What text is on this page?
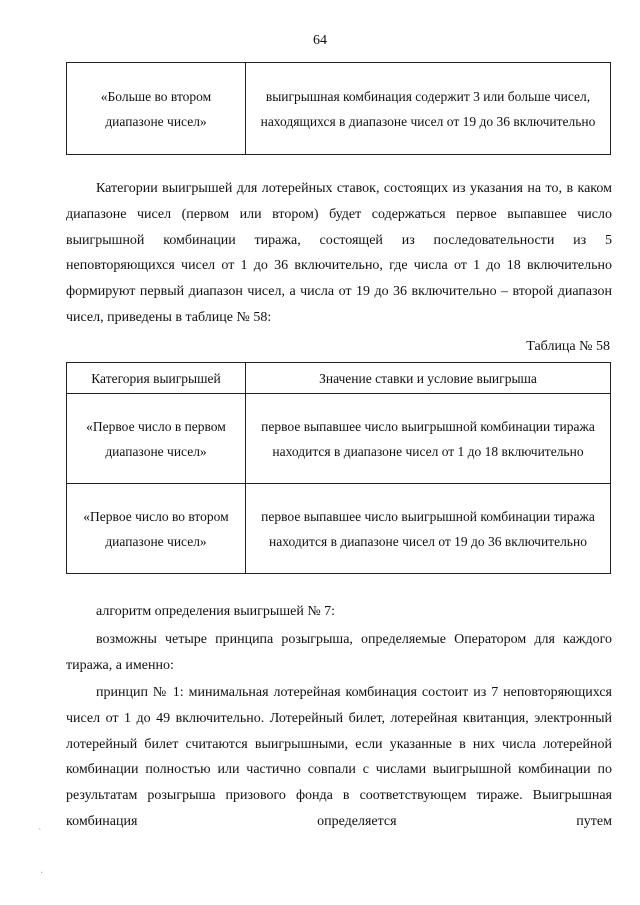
64
«Больше во втором диапазоне чисел»	выигрышная комбинация содержит 3 или больше чисел, находящихся в диапазоне чисел от 19 до 36 включительно

Категории выигрышей для лотерейных ставок, состоящих из указания на то, в каком диапазоне чисел (первом или втором) будет содержаться первое выпавшее число выигрышной комбинации тиража, состоящей из последовательности из 5 неповторяющихся чисел от 1 до 36 включительно, где числа от 1 до 18 включительно формируют первый диапазон чисел, а числа от 19 до 36 включительно – второй диапазон чисел, приведены в таблице № 58:

Таблица № 58
Категория выигрышей	Значение ставки и условие выигрыша
«Первое число в первом диапазоне чисел»	первое выпавшее число выигрышной комбинации тиража находится в диапазоне чисел от 1 до 18 включительно
«Первое число во втором диапазоне чисел»	первое выпавшее число выигрышной комбинации тиража находится в диапазоне чисел от 19 до 36 включительно

алгоритм определения выигрышей № 7:

возможны четыре принципа розыгрыша, определяемые Оператором для каждого тиража, а именно:

принцип № 1: минимальная лотерейная комбинация состоит из 7 неповторяющихся чисел от 1 до 49 включительно. Лотерейный билет, лотерейная квитанция, электронный лотерейный билет считаются выигрышными, если указанные в них числа лотерейной комбинации полностью или частично совпали с числами выигрышной комбинации по результатам розыгрыша призового фонда в соответствующем тираже. Выигрышная комбинация определяется путем

ˋ
·
